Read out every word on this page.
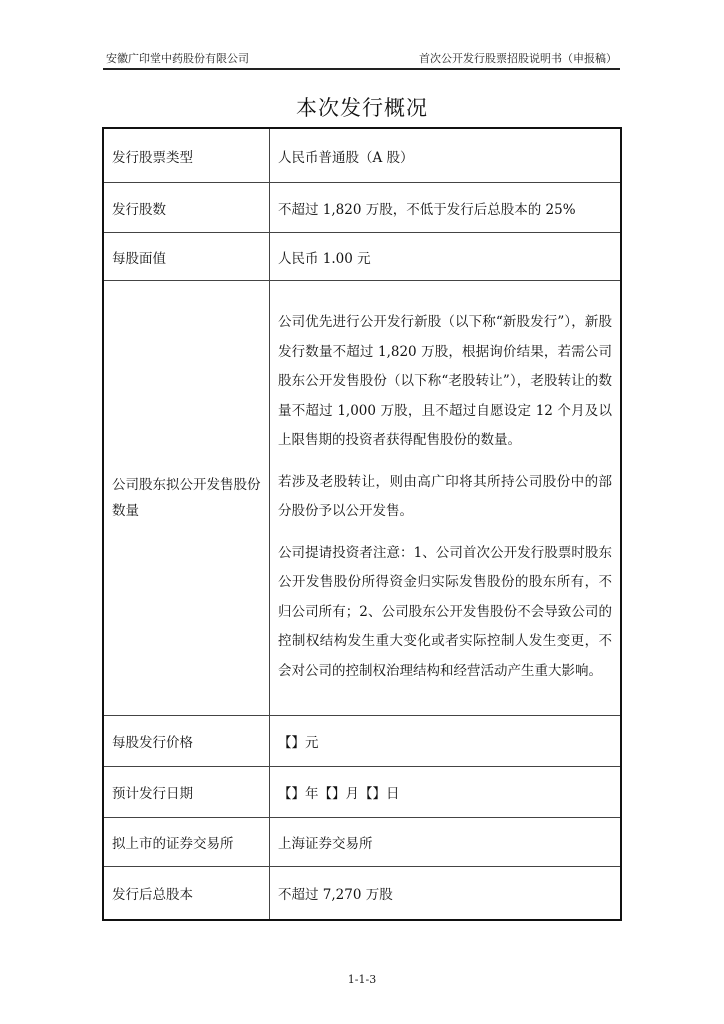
安徽广印堂中药股份有限公司	首次公开发行股票招股说明书（申报稿）
本次发行概况
发行股票类型	人民币普通股（A 股）
发行股数	不超过 1,820 万股，不低于发行后总股本的 25%
每股面值	人民币 1.00 元
公司股东拟公开发售股份数量	公司优先进行公开发行新股（以下称“新股发行”），新股发行数量不超过 1,820 万股，根据询价结果，若需公司股东公开发售股份（以下称“老股转让”），老股转让的数量不超过 1,000 万股，且不超过自愿设定 12 个月及以上限售期的投资者获得配售股份的数量。

若涉及老股转让，则由高广印将其所持公司股份中的部分股份予以公开发售。

公司提请投资者注意：1、公司首次公开发行股票时股东公开发售股份所得资金归实际发售股份的股东所有，不归公司所有；2、公司股东公开发售股份不会导致公司的控制权结构发生重大变化或者实际控制人发生变更，不会对公司的控制权治理结构和经营活动产生重大影响。

每股发行价格	【】元
预计发行日期	【】年【】月【】日
拟上市的证券交易所	上海证券交易所
发行后总股本	不超过 7,270 万股
1-1-3
